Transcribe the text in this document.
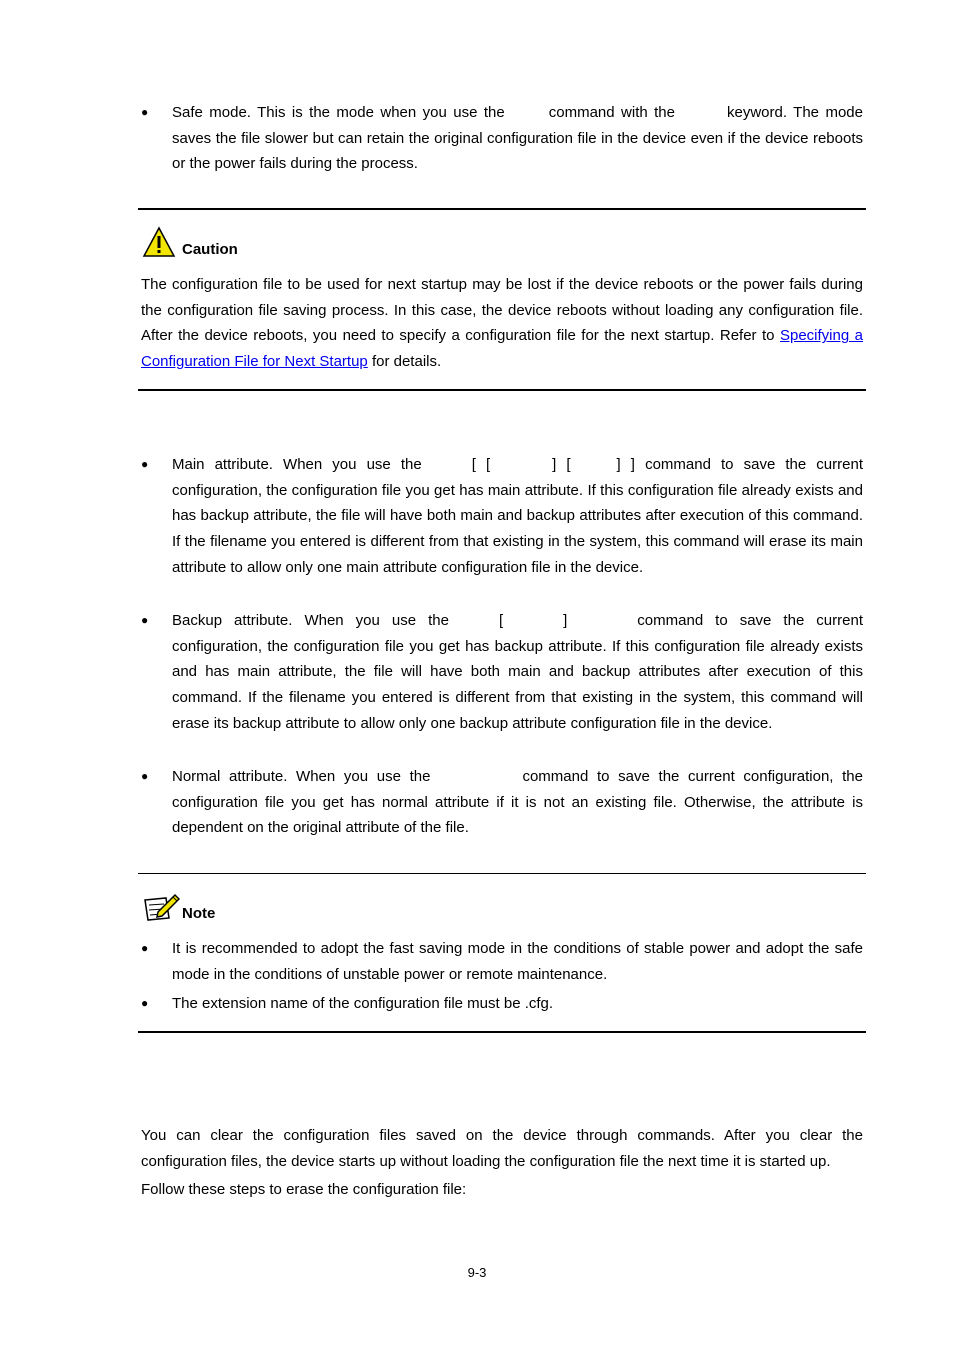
● Safe mode. This is the mode when you use the	command with the	keyword. The mode saves the file slower but can retain the original configuration file in the device even if the device reboots or the power fails during the process.
Caution
The configuration file to be used for next startup may be lost if the device reboots or the power fails during the configuration file saving process. In this case, the device reboots without loading any configuration file. After the device reboots, you need to specify a configuration file for the next startup. Refer to Specifying a Configuration File for Next Startup for details.
● Main attribute. When you use the	[ [	] [	] ] command to save the current configuration, the configuration file you get has main attribute. If this configuration file already exists and has backup attribute, the file will have both main and backup attributes after execution of this command. If the filename you entered is different from that existing in the system, this command will erase its main attribute to allow only one main attribute configuration file in the device.
● Backup attribute. When you use the	[	]	command to save the current configuration, the configuration file you get has backup attribute. If this configuration file already exists and has main attribute, the file will have both main and backup attributes after execution of this command. If the filename you entered is different from that existing in the system, this command will erase its backup attribute to allow only one backup attribute configuration file in the device.
● Normal attribute. When you use the	command to save the current configuration, the configuration file you get has normal attribute if it is not an existing file. Otherwise, the attribute is dependent on the original attribute of the file.
Note
● It is recommended to adopt the fast saving mode in the conditions of stable power and adopt the safe mode in the conditions of unstable power or remote maintenance.
● The extension name of the configuration file must be .cfg.
You can clear the configuration files saved on the device through commands. After you clear the configuration files, the device starts up without loading the configuration file the next time it is started up.
Follow these steps to erase the configuration file:
9-3
